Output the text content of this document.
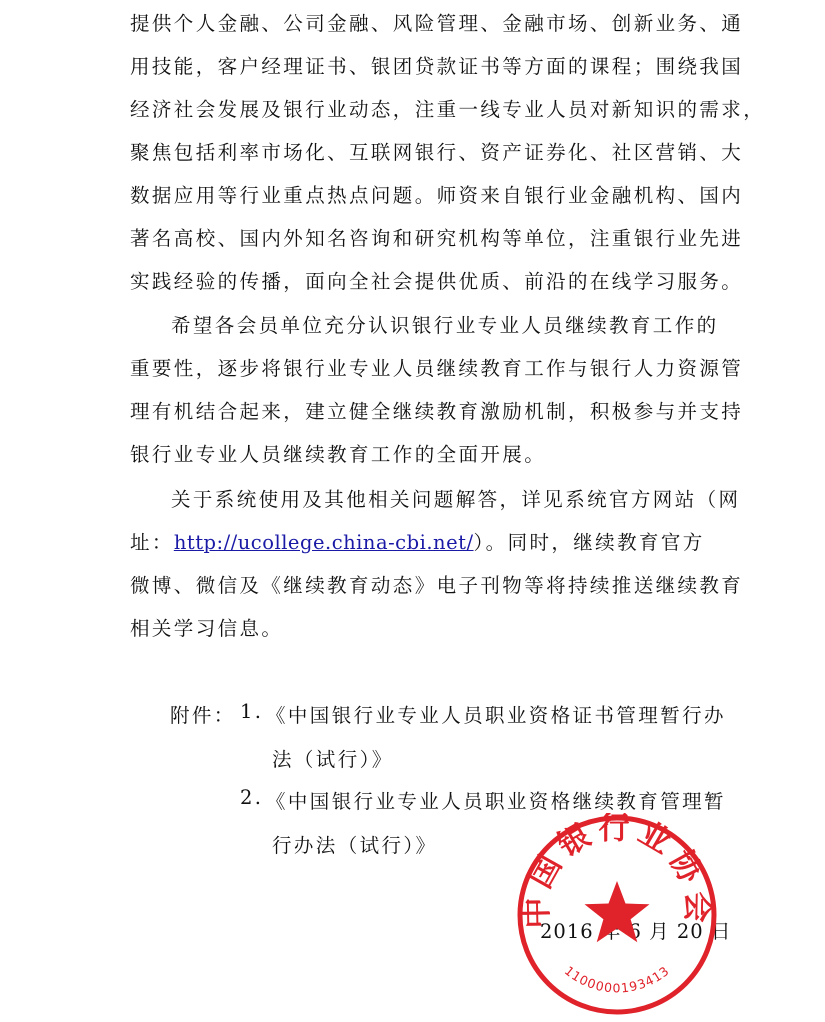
提供个人金融、公司金融、风险管理、金融市场、创新业务、通
用技能，客户经理证书、银团贷款证书等方面的课程；围绕我国
经济社会发展及银行业动态，注重一线专业人员对新知识的需求，
聚焦包括利率市场化、互联网银行、资产证券化、社区营销、大
数据应用等行业重点热点问题。师资来自银行业金融机构、国内
著名高校、国内外知名咨询和研究机构等单位，注重银行业先进
实践经验的传播，面向全社会提供优质、前沿的在线学习服务。
希望各会员单位充分认识银行业专业人员继续教育工作的
重要性，逐步将银行业专业人员继续教育工作与银行人力资源管
理有机结合起来，建立健全继续教育激励机制，积极参与并支持
银行业专业人员继续教育工作的全面开展。
关于系统使用及其他相关问题解答，详见系统官方网站（网
址：http://ucollege.china-cbi.net/）。同时，继续教育官方
微博、微信及《继续教育动态》电子刊物等将持续推送继续教育
相关学习信息。
附件： 1. 《中国银行业专业人员职业资格证书管理暂行办
法（试行）》
2. 《中国银行业专业人员职业资格继续教育管理暂
行办法（试行）》
2016 年 6 月 20 日
中国银行业协会
1100000193413
